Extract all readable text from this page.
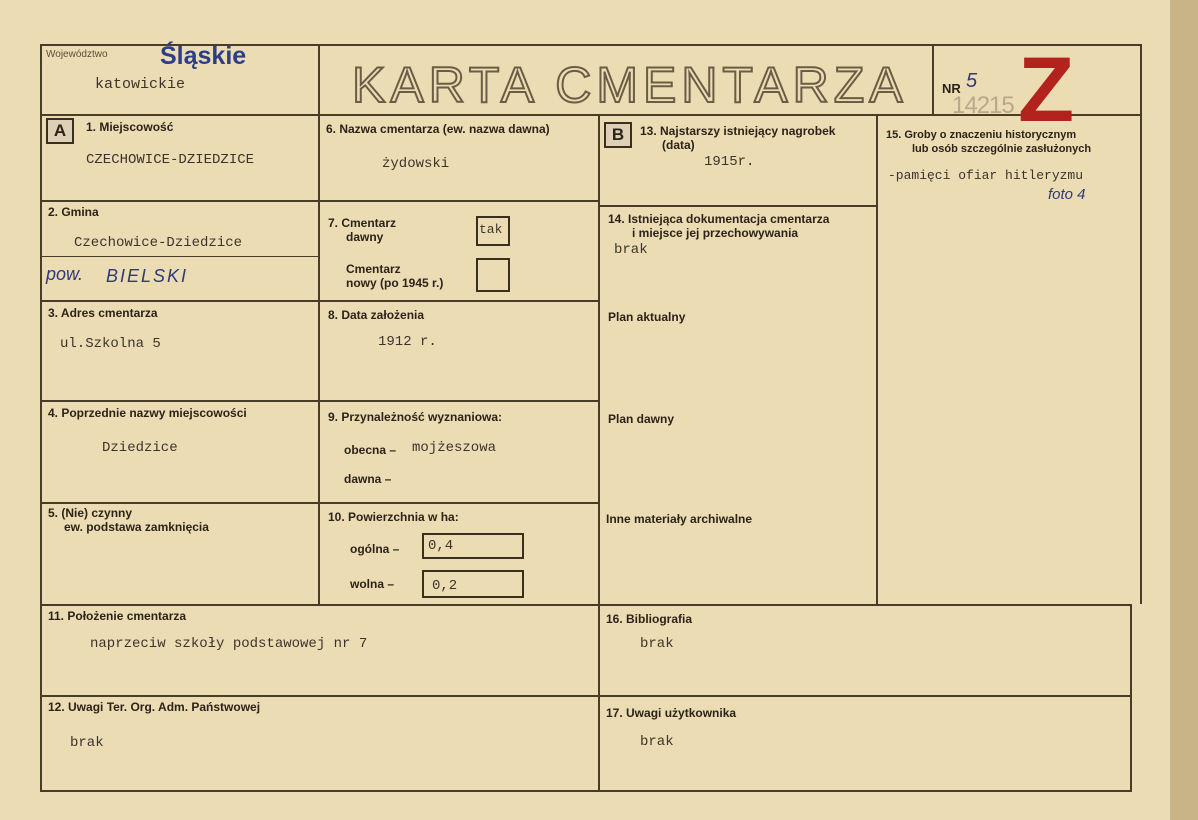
Województwo Śląskie
katowickie	KARTA CMENTARZA	NR 5
14215 Z
A	B
1. Miejscowość
CZECHOWICE-DZIEDZICE
2. Gmina
Czechowice-Dziedzice
pow. BIELSKI
3. Adres cmentarza
ul.Szkolna 5
4. Poprzednie nazwy miejscowości
Dziedzice
5. (Nie) czynny
ew. podstawa zamknięcia
6. Nazwa cmentarza (ew. nazwa dawna)
żydowski
7. Cmentarz
dawny	tak
Cmentarz
nowy (po 1945 r.)
8. Data założenia
1912 r.
9. Przynależność wyznaniowa:
obecna – mojżeszowa
dawna –
10. Powierzchnia w ha:
ogólna – 0,4
wolna –	0,2
11. Położenie cmentarza
naprzeciw szkoły podstawowej nr 7
12. Uwagi Ter. Org. Adm. Państwowej
brak
13. Najstarszy istniejący nagrobek
(data)
1915r.
14. Istniejąca dokumentacja cmentarza
i miejsce jej przechowywania
brak
Plan aktualny
Plan dawny
Inne materiały archiwalne
15. Groby o znaczeniu historycznym
lub osób szczególnie zasłużonych
-pamięci ofiar hitleryzmu
foto 4
16. Bibliografia
brak
17. Uwagi użytkownika
brak
